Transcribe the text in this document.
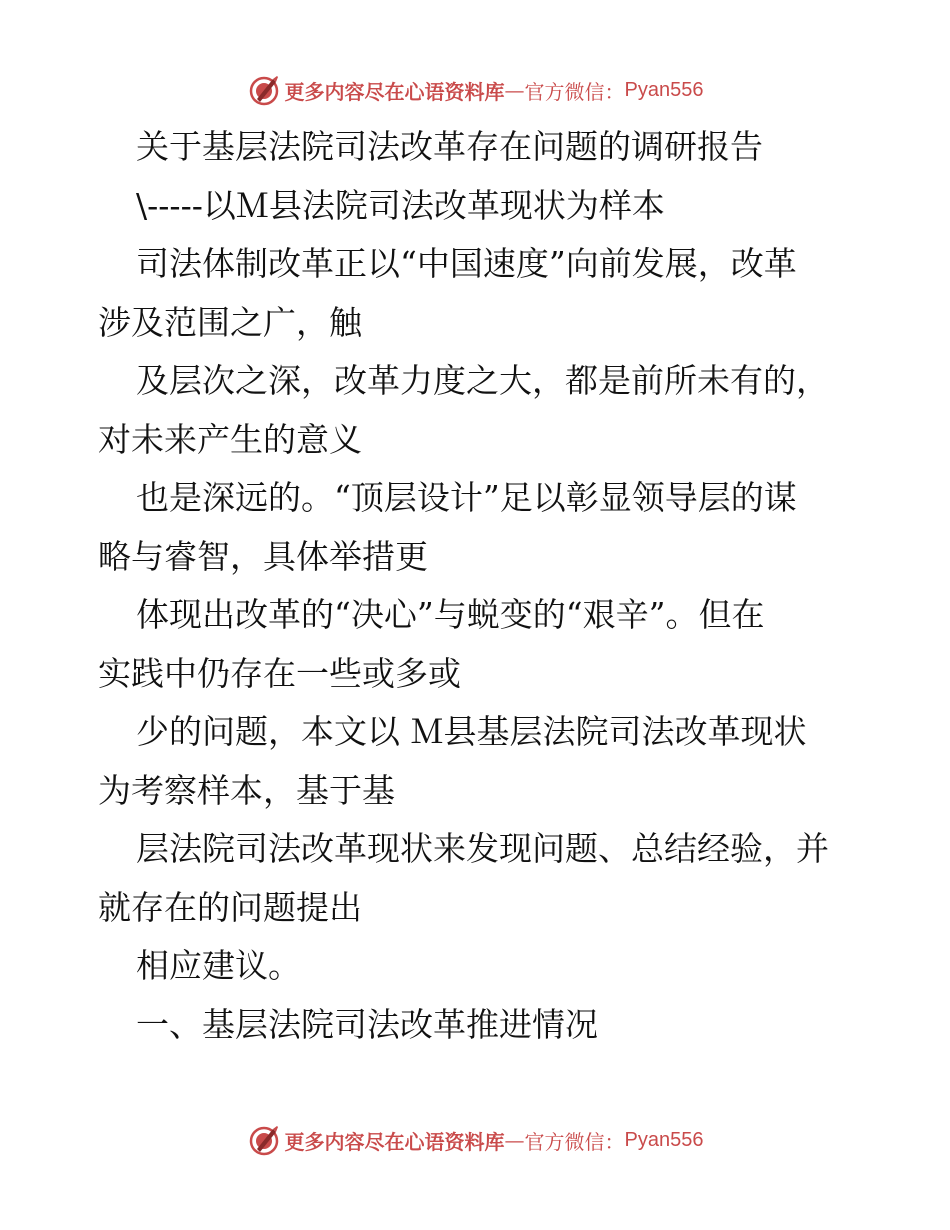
更多内容尽在心语资料库 — 官方微信： Pyan556
关于基层法院司法改革存在问题的调研报告
\-----以Ｍ县法院司法改革现状为样本
司法体制改革正以“中国速度”向前发展，改革
涉及范围之广，触
及层次之深，改革力度之大，都是前所未有的，
对未来产生的意义
也是深远的。“顶层设计”足以彰显领导层的谋
略与睿智，具体举措更
体现出改革的“决心”与蜕变的“艰辛”。但在
实践中仍存在一些或多或
少的问题，本文以 Ｍ县基层法院司法改革现状
为考察样本，基于基
层法院司法改革现状来发现问题、总结经验，并
就存在的问题提出
相应建议。
一、基层法院司法改革推进情况
更多内容尽在心语资料库 — 官方微信： Pyan556
